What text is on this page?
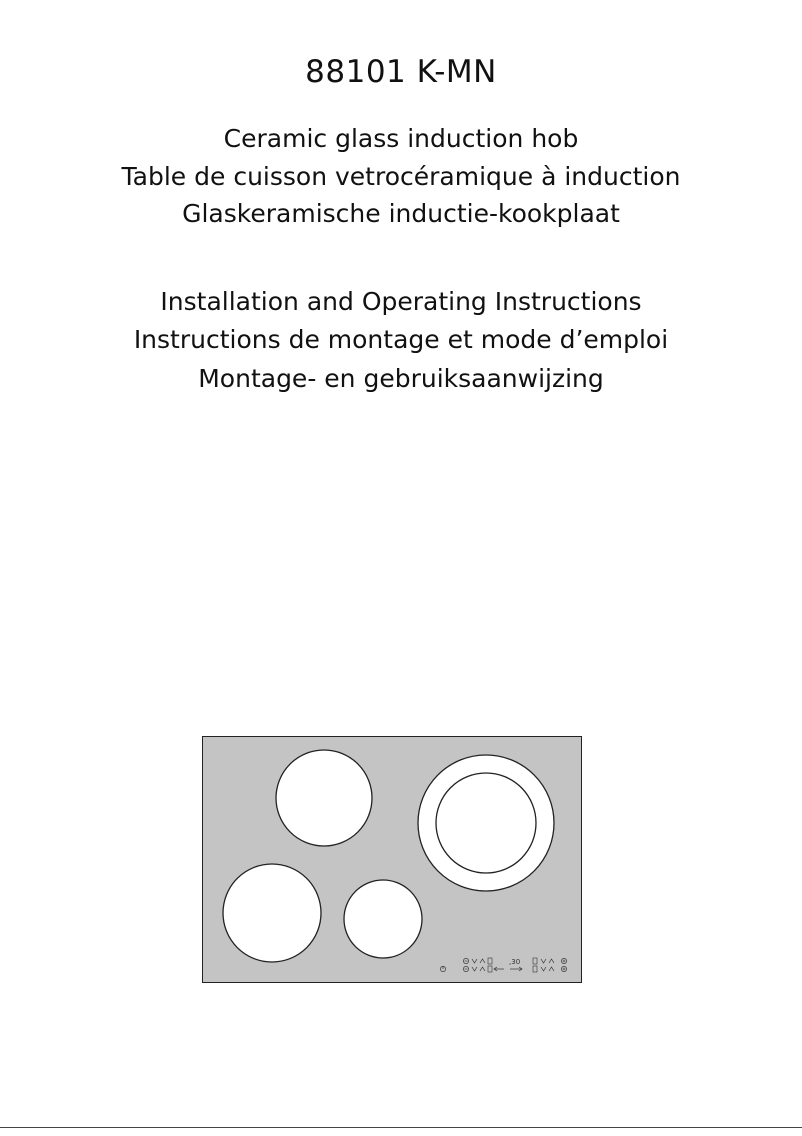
88101 K-MN
Ceramic glass induction hob
Table de cuisson vetrocéramique à induction
Glaskeramische inductie-kookplaat
Installation and Operating Instructions
Instructions de montage et mode d’emploi
Montage- en gebruiksaanwijzing
,30
